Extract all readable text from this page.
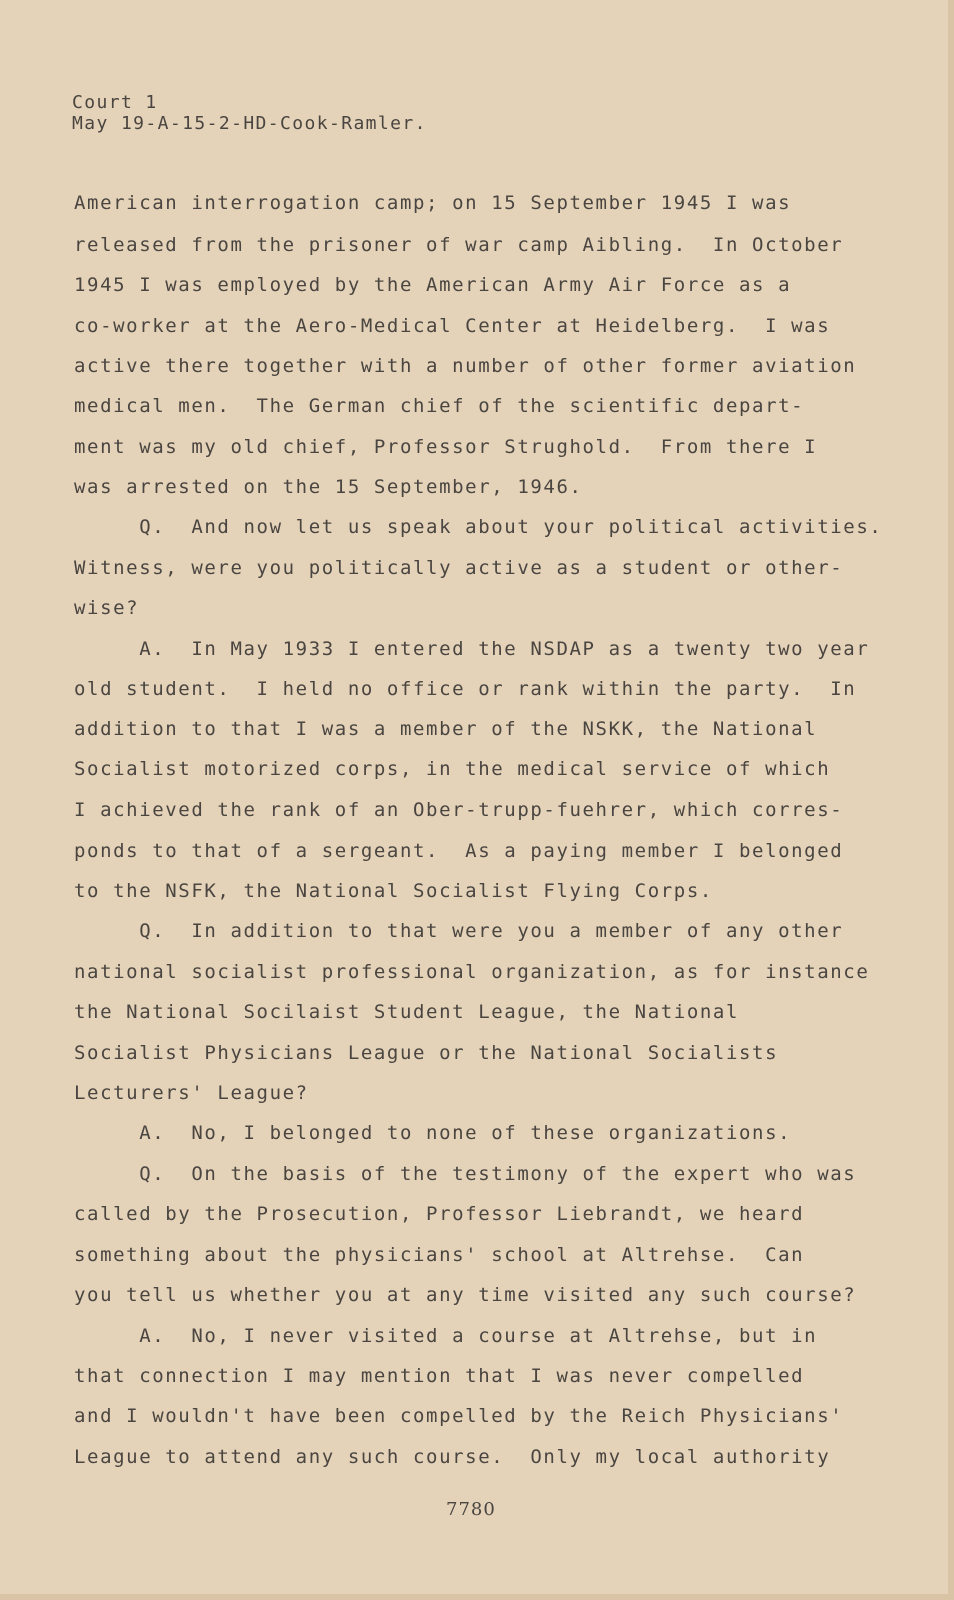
Court 1
May 19-A-15-2-HD-Cook-Ramler.
American interrogation camp; on 15 September 1945 I was
released from the prisoner of war camp Aibling.  In October
1945 I was employed by the American Army Air Force as a
co-worker at the Aero-Medical Center at Heidelberg.  I was
active there together with a number of other former aviation
medical men.  The German chief of the scientific depart-
ment was my old chief, Professor Strughold.  From there I
was arrested on the 15 September, 1946.
Q.  And now let us speak about your political activities.
Witness, were you politically active as a student or other-
wise?
A.  In May 1933 I entered the NSDAP as a twenty two year
old student.  I held no office or rank within the party.  In
addition to that I was a member of the NSKK, the National
Socialist motorized corps, in the medical service of which
I achieved the rank of an Ober-trupp-fuehrer, which corres-
ponds to that of a sergeant.  As a paying member I belonged
to the NSFK, the National Socialist Flying Corps.
Q.  In addition to that were you a member of any other
national socialist professional organization, as for instance
the National Socilaist Student League, the National
Socialist Physicians League or the National Socialists
Lecturers' League?
A.  No, I belonged to none of these organizations.
Q.  On the basis of the testimony of the expert who was
called by the Prosecution, Professor Liebrandt, we heard
something about the physicians' school at Altrehse.  Can
you tell us whether you at any time visited any such course?
A.  No, I never visited a course at Altrehse, but in
that connection I may mention that I was never compelled
and I wouldn't have been compelled by the Reich Physicians'
League to attend any such course.  Only my local authority
7780
